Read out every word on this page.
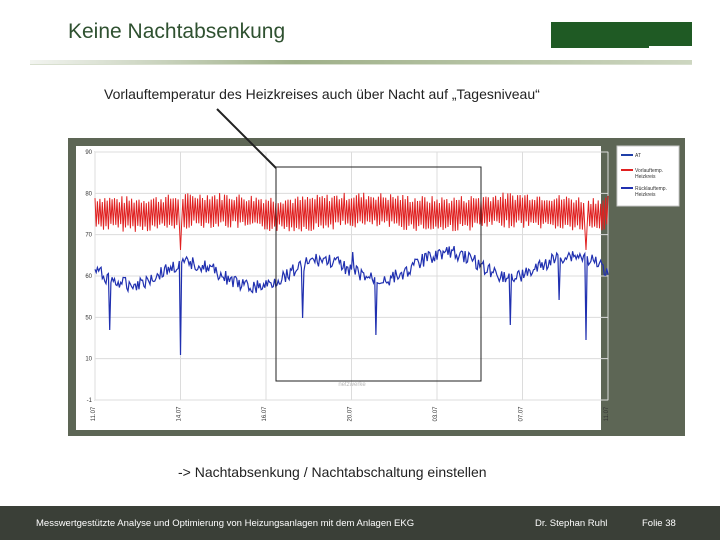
Keine Nachtabsenkung
Vorlauftemperatur des Heizkreises auch über Nacht auf „Tagesniveau“
90
80
70
60
50
10
-1
11.07	14.07	16.07	20.07	03.07	07.07	11.07
netzwerke
AT
Vorlauftemp. Heizkreis
Rücklauftemp. Heizkreis
-> Nachtabsenkung / Nachtabschaltung einstellen
Messwertgestützte Analyse und Optimierung von Heizungsanlagen mit dem Anlagen EKG	Dr. Stephan Ruhl	Folie 38
